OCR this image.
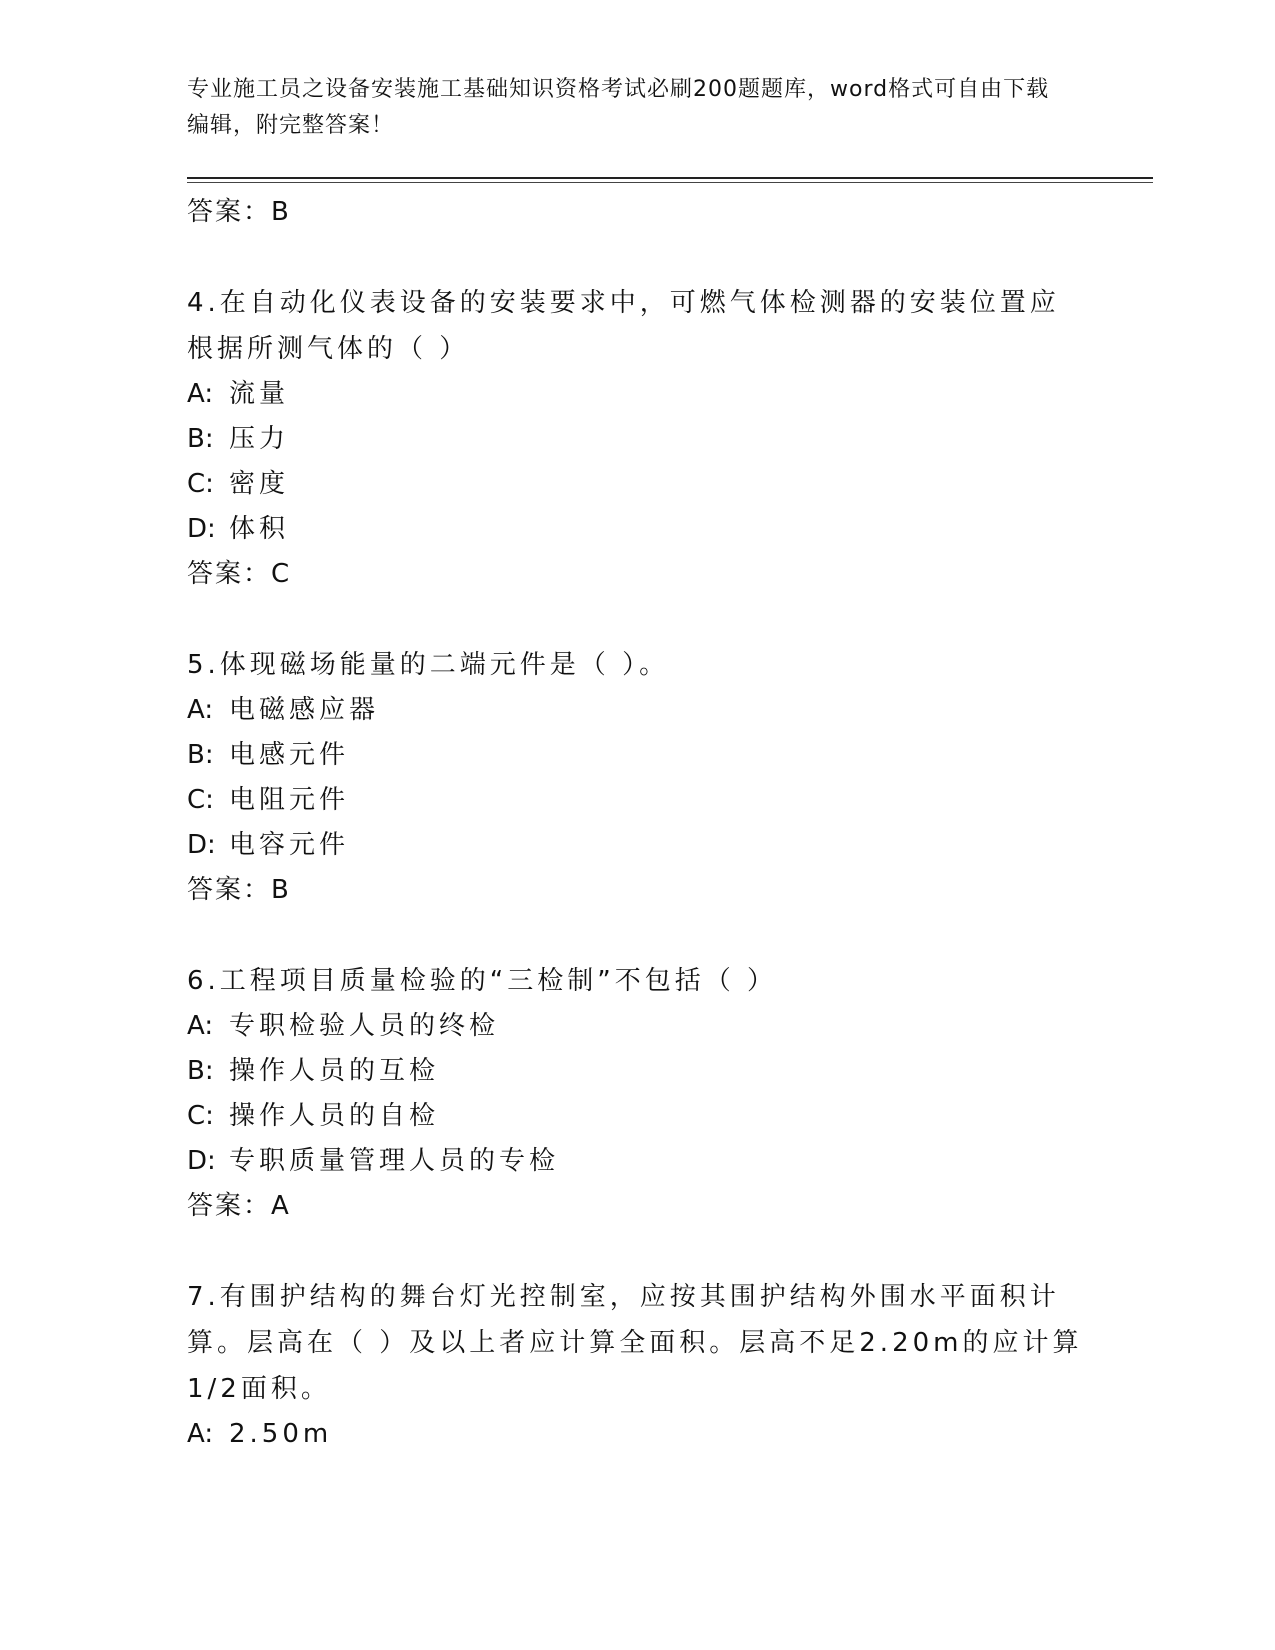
专业施工员之设备安装施工基础知识资格考试必刷200题题库，word格式可自由下载编辑，附完整答案！
答案：B
4.在自动化仪表设备的安装要求中，可燃气体检测器的安装位置应根据所测气体的（ ）
A: 流量
B: 压力
C: 密度
D: 体积
答案：C
5.体现磁场能量的二端元件是（ ）。
A: 电磁感应器
B: 电感元件
C: 电阻元件
D: 电容元件
答案：B
6.工程项目质量检验的“三检制”不包括（ ）
A: 专职检验人员的终检
B: 操作人员的互检
C: 操作人员的自检
D: 专职质量管理人员的专检
答案：A
7.有围护结构的舞台灯光控制室，应按其围护结构外围水平面积计算。层高在（ ）及以上者应计算全面积。层高不足2.20m的应计算1/2面积。
A: 2.50m
